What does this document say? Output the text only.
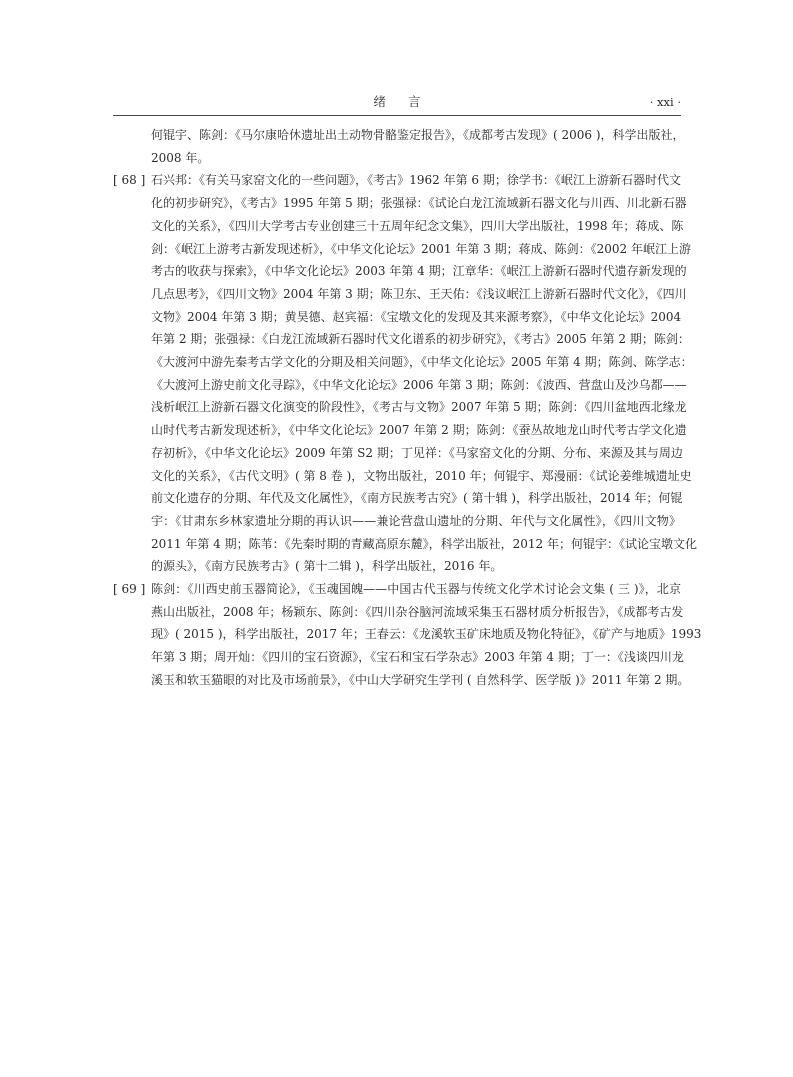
绪言	· xxi ·
何锟宇、陈剑：《马尔康哈休遗址出土动物骨骼鉴定报告》，《成都考古发现》( 2006 )，科学出版社，
2008 年。
[ 68 ] 石兴邦：《有关马家窑文化的一些问题》，《考古》1962 年第 6 期；徐学书：《岷江上游新石器时代文
化的初步研究》，《考古》1995 年第 5 期；张强禄：《试论白龙江流域新石器文化与川西、川北新石器
文化的关系》，《四川大学考古专业创建三十五周年纪念文集》，四川大学出版社，1998 年；蒋成、陈
剑：《岷江上游考古新发现述析》，《中华文化论坛》2001 年第 3 期；蒋成、陈剑：《2002 年岷江上游
考古的收获与探索》，《中华文化论坛》2003 年第 4 期；江章华：《岷江上游新石器时代遗存新发现的
几点思考》，《四川文物》2004 年第 3 期；陈卫东、王天佑：《浅议岷江上游新石器时代文化》，《四川
文物》2004 年第 3 期；黄昊德、赵宾福：《宝墩文化的发现及其来源考察》，《中华文化论坛》2004
年第 2 期；张强禄：《白龙江流域新石器时代文化谱系的初步研究》，《考古》2005 年第 2 期；陈剑：
《大渡河中游先秦考古学文化的分期及相关问题》，《中华文化论坛》2005 年第 4 期；陈剑、陈学志：
《大渡河上游史前文化寻踪》，《中华文化论坛》2006 年第 3 期；陈剑：《波西、营盘山及沙乌都——
浅析岷江上游新石器文化演变的阶段性》，《考古与文物》2007 年第 5 期；陈剑：《四川盆地西北缘龙
山时代考古新发现述析》，《中华文化论坛》2007 年第 2 期；陈剑：《蚕丛故地龙山时代考古学文化遗
存初析》，《中华文化论坛》2009 年第 S2 期；丁见祥：《马家窑文化的分期、分布、来源及其与周边
文化的关系》，《古代文明》( 第 8 卷 )，文物出版社，2010 年；何锟宇、郑漫丽：《试论姜维城遗址史
前文化遗存的分期、年代及文化属性》，《南方民族考古究》( 第十辑 )，科学出版社，2014 年；何锟
宇：《甘肃东乡林家遗址分期的再认识——兼论营盘山遗址的分期、年代与文化属性》，《四川文物》
2011 年第 4 期；陈苇：《先秦时期的青藏高原东麓》，科学出版社，2012 年；何锟宇：《试论宝墩文化
的源头》，《南方民族考古》( 第十二辑 )，科学出版社，2016 年。
[ 69 ] 陈剑：《川西史前玉器简论》，《玉魂国魄——中国古代玉器与传统文化学术讨论会文集 ( 三 )》，北京
燕山出版社，2008 年；杨颖东、陈剑：《四川杂谷脑河流域采集玉石器材质分析报告》，《成都考古发
现》( 2015 )，科学出版社，2017 年；王春云：《龙溪软玉矿床地质及物化特征》，《矿产与地质》1993
年第 3 期；周开灿：《四川的宝石资源》，《宝石和宝石学杂志》2003 年第 4 期；丁一：《浅谈四川龙
溪玉和软玉猫眼的对比及市场前景》，《中山大学研究生学刊 ( 自然科学、医学版 )》2011 年第 2 期。
